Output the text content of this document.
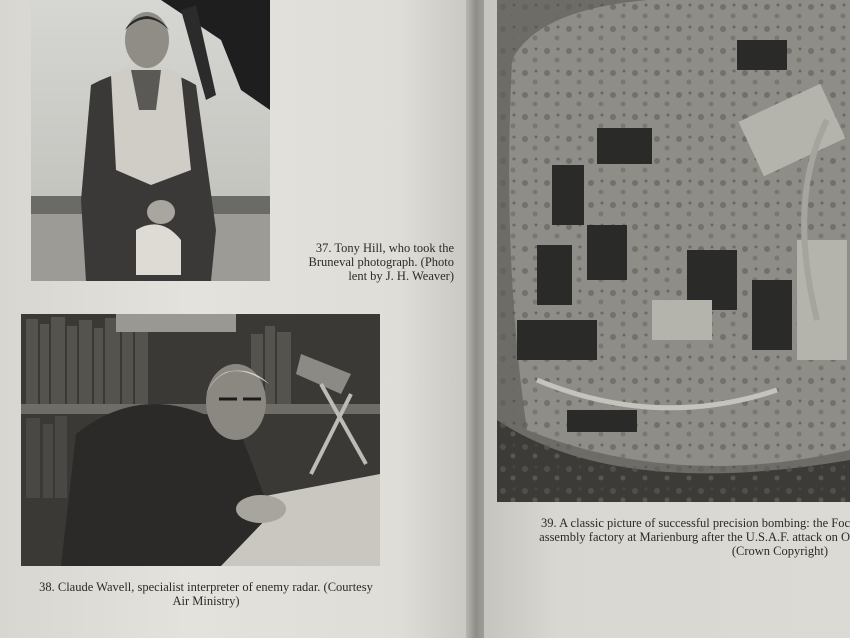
37. Tony Hill, who took the
Bruneval photograph. (Photo
lent by J. H. Weaver)

38. Claude Wavell, specialist interpreter of enemy radar. (Courtesy
Air Ministry)

39. A classic picture of successful precision bombing: the Foc
assembly factory at Marienburg after the U.S.A.F. attack on O
(Crown Copyright)
